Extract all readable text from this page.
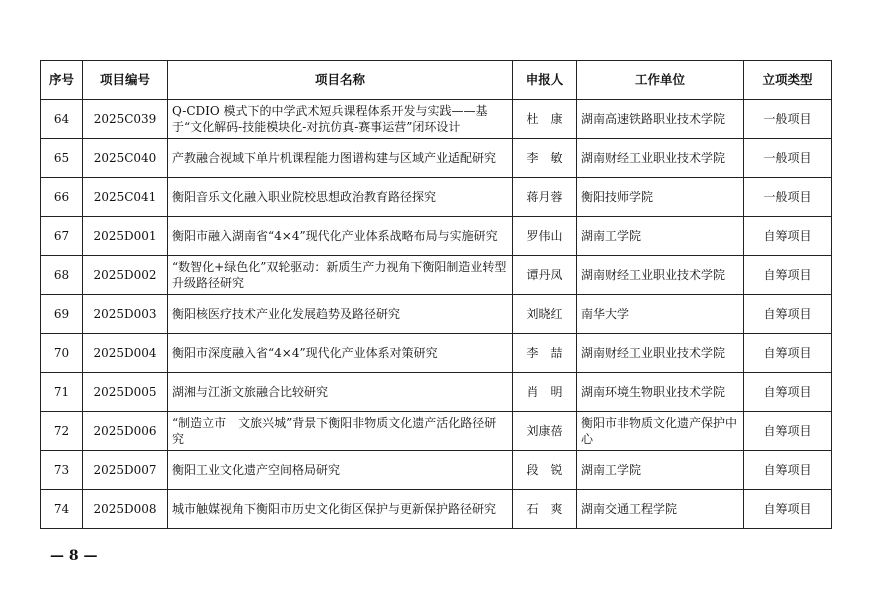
序号	项目编号	项目名称	申报人	工作单位	立项类型
64	2025C039	Q-CDIO 模式下的中学武术短兵课程体系开发与实践——基于“文化解码-技能模块化-对抗仿真-赛事运营”闭环设计	杜　康	湖南高速铁路职业技术学院	一般项目
65	2025C040	产教融合视域下单片机课程能力图谱构建与区域产业适配研究	李　敏	湖南财经工业职业技术学院	一般项目
66	2025C041	衡阳音乐文化融入职业院校思想政治教育路径探究	蒋月蓉	衡阳技师学院	一般项目
67	2025D001	衡阳市融入湖南省“4×4”现代化产业体系战略布局与实施研究	罗伟山	湖南工学院	自筹项目
68	2025D002	“数智化+绿色化”双轮驱动：新质生产力视角下衡阳制造业转型升级路径研究	谭丹凤	湖南财经工业职业技术学院	自筹项目
69	2025D003	衡阳核医疗技术产业化发展趋势及路径研究	刘晓红	南华大学	自筹项目
70	2025D004	衡阳市深度融入省“4×4”现代化产业体系对策研究	李　喆	湖南财经工业职业技术学院	自筹项目
71	2025D005	湖湘与江浙文旅融合比较研究	肖　明	湖南环境生物职业技术学院	自筹项目
72	2025D006	“制造立市　文旅兴城”背景下衡阳非物质文化遗产活化路径研究	刘康蓓	衡阳市非物质文化遗产保护中心	自筹项目
73	2025D007	衡阳工业文化遗产空间格局研究	段　锐	湖南工学院	自筹项目
74	2025D008	城市触媒视角下衡阳市历史文化街区保护与更新保护路径研究	石　爽	湖南交通工程学院	自筹项目
— 8 —
